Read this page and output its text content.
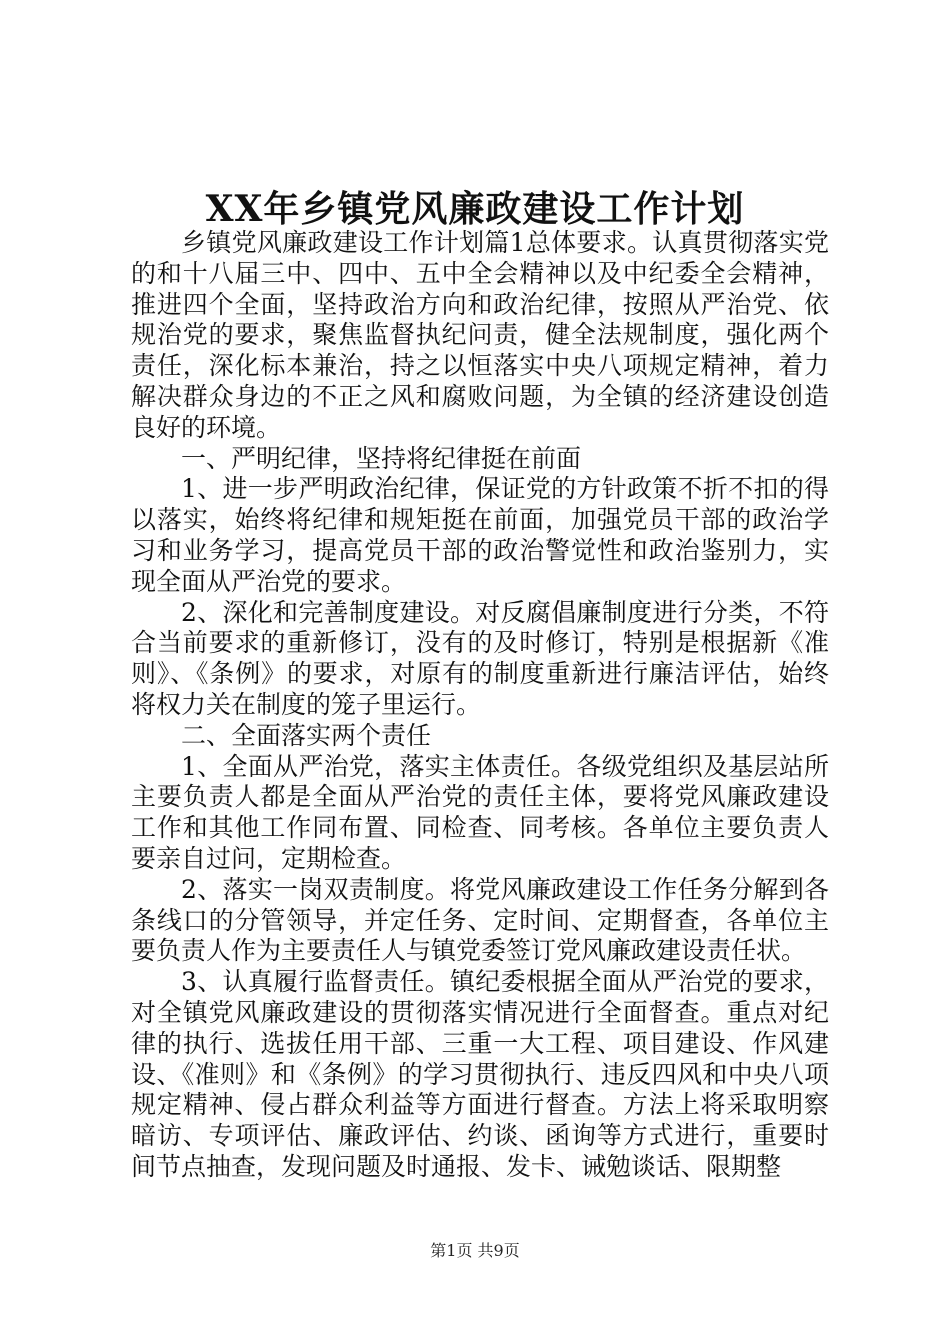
XX年乡镇党风廉政建设工作计划

乡镇党风廉政建设工作计划篇1总体要求。认真贯彻落实党的和十八届三中、四中、五中全会精神以及中纪委全会精神，推进四个全面，坚持政治方向和政治纪律，按照从严治党、依规治党的要求，聚焦监督执纪问责，健全法规制度，强化两个责任，深化标本兼治，持之以恒落实中央八项规定精神，着力解决群众身边的不正之风和腐败问题，为全镇的经济建设创造良好的环境。

一、严明纪律，坚持将纪律挺在前面

1、进一步严明政治纪律，保证党的方针政策不折不扣的得以落实，始终将纪律和规矩挺在前面，加强党员干部的政治学习和业务学习，提高党员干部的政治警觉性和政治鉴别力，实现全面从严治党的要求。

2、深化和完善制度建设。对反腐倡廉制度进行分类，不符合当前要求的重新修订，没有的及时修订，特别是根据新《准则》、《条例》的要求，对原有的制度重新进行廉洁评估，始终将权力关在制度的笼子里运行。

二、全面落实两个责任

1、全面从严治党，落实主体责任。各级党组织及基层站所主要负责人都是全面从严治党的责任主体，要将党风廉政建设工作和其他工作同布置、同检查、同考核。各单位主要负责人要亲自过问，定期检查。

2、落实一岗双责制度。将党风廉政建设工作任务分解到各条线口的分管领导，并定任务、定时间、定期督查，各单位主要负责人作为主要责任人与镇党委签订党风廉政建设责任状。

3、认真履行监督责任。镇纪委根据全面从严治党的要求，对全镇党风廉政建设的贯彻落实情况进行全面督查。重点对纪律的执行、选拔任用干部、三重一大工程、项目建设、作风建设、《准则》和《条例》的学习贯彻执行、违反四风和中央八项规定精神、侵占群众利益等方面进行督查。方法上将采取明察暗访、专项评估、廉政评估、约谈、函询等方式进行，重要时间节点抽查，发现问题及时通报、发卡、诫勉谈话、限期整

第1页 共9页
